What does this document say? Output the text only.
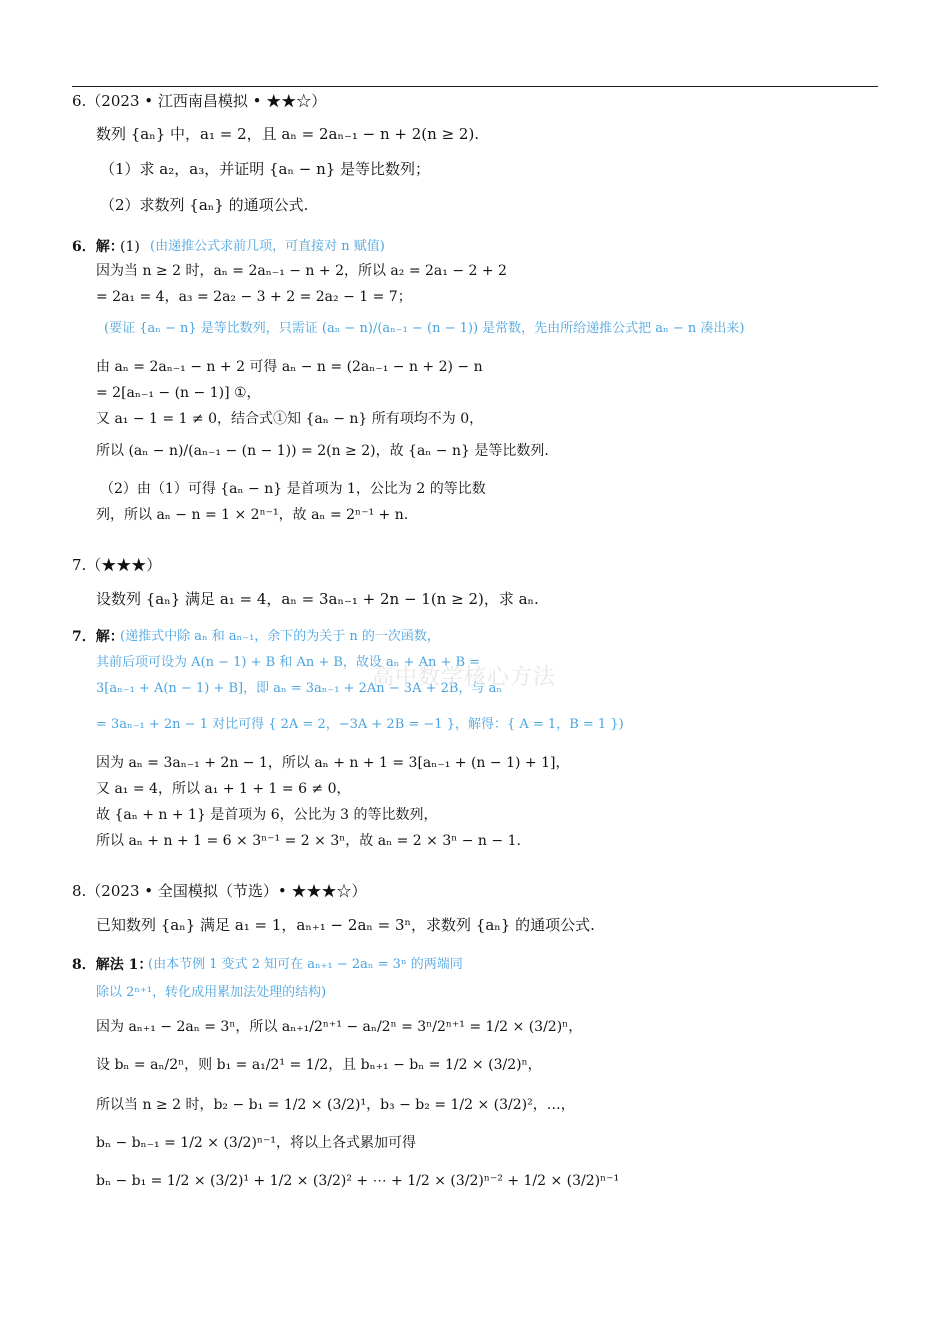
6.（2023 • 江西南昌模拟 • ★★☆）
数列 {aₙ} 中，a₁ = 2，且 aₙ = 2aₙ₋₁ − n + 2(n ≥ 2).
（1）求 a₂，a₃，并证明 {aₙ − n} 是等比数列；
（2）求数列 {aₙ} 的通项公式.
6．解：
(1) (由递推公式求前几项，可直接对 n 赋值)
因为当 n ≥ 2 时，aₙ = 2aₙ₋₁ − n + 2，所以 a₂ = 2a₁ − 2 + 2
= 2a₁ = 4，a₃ = 2a₂ − 3 + 2 = 2a₂ − 1 = 7；
(要证 {aₙ − n} 是等比数列，只需证 (aₙ − n)/(aₙ₋₁ − (n − 1)) 是常数，先由所给递推公式把 aₙ − n 凑出来)
由 aₙ = 2aₙ₋₁ − n + 2 可得 aₙ − n = (2aₙ₋₁ − n + 2) − n
= 2[aₙ₋₁ − (n − 1)] ①，
又 a₁ − 1 = 1 ≠ 0，结合式①知 {aₙ − n} 所有项均不为 0，
所以 (aₙ − n)/(aₙ₋₁ − (n − 1)) = 2(n ≥ 2)，故 {aₙ − n} 是等比数列.
（2）由（1）可得 {aₙ − n} 是首项为 1，公比为 2 的等比数
列，所以 aₙ − n = 1 × 2ⁿ⁻¹，故 aₙ = 2ⁿ⁻¹ + n.
7.（★★★）
设数列 {aₙ} 满足 a₁ = 4，aₙ = 3aₙ₋₁ + 2n − 1(n ≥ 2)，求 aₙ.
7．解：
(递推式中除 aₙ 和 aₙ₋₁，余下的为关于 n 的一次函数，
其前后项可设为 A(n − 1) + B 和 An + B，故设 aₙ + An + B =
3[aₙ₋₁ + A(n − 1) + B]，即 aₙ = 3aₙ₋₁ + 2An − 3A + 2B，与 aₙ
= 3aₙ₋₁ + 2n − 1 对比可得 { 2A = 2，−3A + 2B = −1 }，解得：{ A = 1，B = 1 })
因为 aₙ = 3aₙ₋₁ + 2n − 1，所以 aₙ + n + 1 = 3[aₙ₋₁ + (n − 1) + 1]，
又 a₁ = 4，所以 a₁ + 1 + 1 = 6 ≠ 0，
故 {aₙ + n + 1} 是首项为 6，公比为 3 的等比数列，
所以 aₙ + n + 1 = 6 × 3ⁿ⁻¹ = 2 × 3ⁿ，故 aₙ = 2 × 3ⁿ − n − 1.
8.（2023 • 全国模拟（节选）• ★★★☆）
已知数列 {aₙ} 满足 a₁ = 1，aₙ₊₁ − 2aₙ = 3ⁿ，求数列 {aₙ} 的通项公式.
8．解法 1：
(由本节例 1 变式 2 知可在 aₙ₊₁ − 2aₙ = 3ⁿ 的两端同
除以 2ⁿ⁺¹，转化成用累加法处理的结构)
因为 aₙ₊₁ − 2aₙ = 3ⁿ，所以 aₙ₊₁/2ⁿ⁺¹ − aₙ/2ⁿ = 3ⁿ/2ⁿ⁺¹ = 1/2 × (3/2)ⁿ，
设 bₙ = aₙ/2ⁿ，则 b₁ = a₁/2¹ = 1/2，且 bₙ₊₁ − bₙ = 1/2 × (3/2)ⁿ，
所以当 n ≥ 2 时，b₂ − b₁ = 1/2 × (3/2)¹，b₃ − b₂ = 1/2 × (3/2)²，…，
bₙ − bₙ₋₁ = 1/2 × (3/2)ⁿ⁻¹，将以上各式累加可得
bₙ − b₁ = 1/2 × (3/2)¹ + 1/2 × (3/2)² + ⋯ + 1/2 × (3/2)ⁿ⁻² + 1/2 × (3/2)ⁿ⁻¹
高中数学核心方法
